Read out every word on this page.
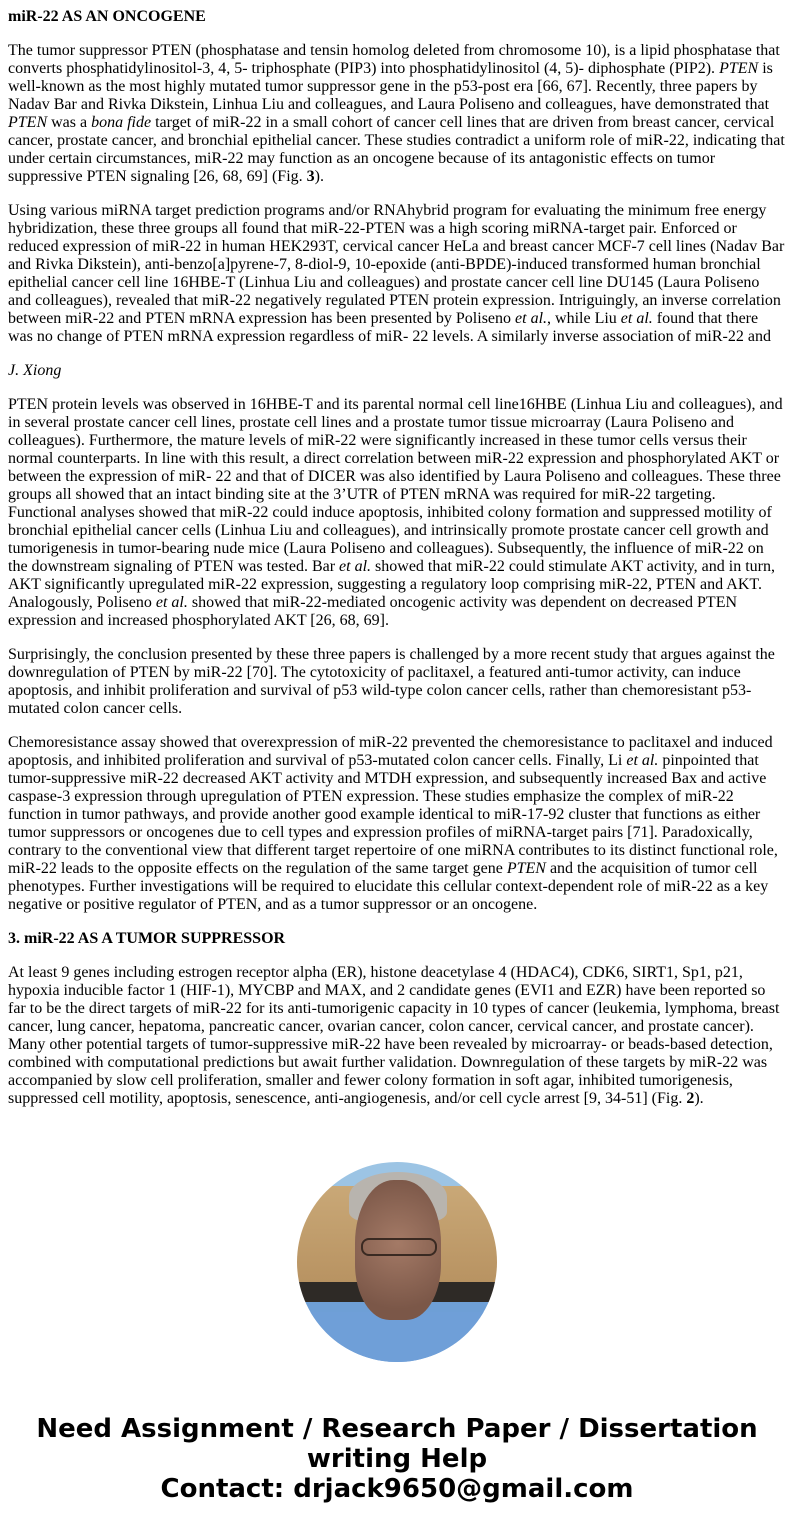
miR-22 AS AN ONCOGENE

The tumor suppressor PTEN (phosphatase and tensin homolog deleted from chromosome 10), is a lipid phosphatase that converts phosphatidylinositol-3, 4, 5- triphosphate (PIP3) into phosphatidylinositol (4, 5)- diphosphate (PIP2). PTEN is well-known as the most highly mutated tumor suppressor gene in the p53-post era [66, 67]. Recently, three papers by Nadav Bar and Rivka Dikstein, Linhua Liu and colleagues, and Laura Poliseno and colleagues, have demonstrated that PTEN was a bona fide target of miR-22 in a small cohort of cancer cell lines that are driven from breast cancer, cervical cancer, prostate cancer, and bronchial epithelial cancer. These studies contradict a uniform role of miR-22, indicating that under certain circumstances, miR-22 may function as an oncogene because of its antagonistic effects on tumor suppressive PTEN signaling [26, 68, 69] (Fig. 3).

Using various miRNA target prediction programs and/or RNAhybrid program for evaluating the minimum free energy hybridization, these three groups all found that miR-22-PTEN was a high scoring miRNA-target pair. Enforced or reduced expression of miR-22 in human HEK293T, cervical cancer HeLa and breast cancer MCF-7 cell lines (Nadav Bar and Rivka Dikstein), anti-benzo[a]pyrene-7, 8-diol-9, 10-epoxide (anti-BPDE)-induced transformed human bronchial epithelial cancer cell line 16HBE-T (Linhua Liu and colleagues) and prostate cancer cell line DU145 (Laura Poliseno and colleagues), revealed that miR-22 negatively regulated PTEN protein expression. Intriguingly, an inverse correlation between miR-22 and PTEN mRNA expression has been presented by Poliseno et al., while Liu et al. found that there was no change of PTEN mRNA expression regardless of miR- 22 levels. A similarly inverse association of miR-22 and

J. Xiong

PTEN protein levels was observed in 16HBE-T and its parental normal cell line16HBE (Linhua Liu and colleagues), and in several prostate cancer cell lines, prostate cell lines and a prostate tumor tissue microarray (Laura Poliseno and colleagues). Furthermore, the mature levels of miR-22 were significantly increased in these tumor cells versus their normal counterparts. In line with this result, a direct correlation between miR-22 expression and phosphorylated AKT or between the expression of miR- 22 and that of DICER was also identified by Laura Poliseno and colleagues. These three groups all showed that an intact binding site at the 3’UTR of PTEN mRNA was required for miR-22 targeting. Functional analyses showed that miR-22 could induce apoptosis, inhibited colony formation and suppressed motility of bronchial epithelial cancer cells (Linhua Liu and colleagues), and intrinsically promote prostate cancer cell growth and tumorigenesis in tumor-bearing nude mice (Laura Poliseno and colleagues). Subsequently, the influence of miR-22 on the downstream signaling of PTEN was tested. Bar et al. showed that miR-22 could stimulate AKT activity, and in turn, AKT significantly upregulated miR-22 expression, suggesting a regulatory loop comprising miR-22, PTEN and AKT. Analogously, Poliseno et al. showed that miR-22-mediated oncogenic activity was dependent on decreased PTEN expression and increased phosphorylated AKT [26, 68, 69].

Surprisingly, the conclusion presented by these three papers is challenged by a more recent study that argues against the downregulation of PTEN by miR-22 [70]. The cytotoxicity of paclitaxel, a featured anti-tumor activity, can induce apoptosis, and inhibit proliferation and survival of p53 wild-type colon cancer cells, rather than chemoresistant p53-mutated colon cancer cells.

Chemoresistance assay showed that overexpression of miR-22 prevented the chemoresistance to paclitaxel and induced apoptosis, and inhibited proliferation and survival of p53-mutated colon cancer cells. Finally, Li et al. pinpointed that tumor-suppressive miR-22 decreased AKT activity and MTDH expression, and subsequently increased Bax and active caspase-3 expression through upregulation of PTEN expression. These studies emphasize the complex of miR-22 function in tumor pathways, and provide another good example identical to miR-17-92 cluster that functions as either tumor suppressors or oncogenes due to cell types and expression profiles of miRNA-target pairs [71]. Paradoxically, contrary to the conventional view that different target repertoire of one miRNA contributes to its distinct functional role, miR-22 leads to the opposite effects on the regulation of the same target gene PTEN and the acquisition of tumor cell phenotypes. Further investigations will be required to elucidate this cellular context-dependent role of miR-22 as a key negative or positive regulator of PTEN, and as a tumor suppressor or an oncogene.

3. miR-22 AS A TUMOR SUPPRESSOR

At least 9 genes including estrogen receptor alpha (ER), histone deacetylase 4 (HDAC4), CDK6, SIRT1, Sp1, p21, hypoxia inducible factor 1 (HIF-1), MYCBP and MAX, and 2 candidate genes (EVI1 and EZR) have been reported so far to be the direct targets of miR-22 for its anti-tumorigenic capacity in 10 types of cancer (leukemia, lymphoma, breast cancer, lung cancer, hepatoma, pancreatic cancer, ovarian cancer, colon cancer, cervical cancer, and prostate cancer). Many other potential targets of tumor-suppressive miR-22 have been revealed by microarray- or beads-based detection, combined with computational predictions but await further validation. Downregulation of these targets by miR-22 was accompanied by slow cell proliferation, smaller and fewer colony formation in soft agar, inhibited tumorigenesis, suppressed cell motility, apoptosis, senescence, anti-angiogenesis, and/or cell cycle arrest [9, 34-51] (Fig. 2).

Need Assignment / Research Paper / Dissertation writing Help
Contact: drjack9650@gmail.com
